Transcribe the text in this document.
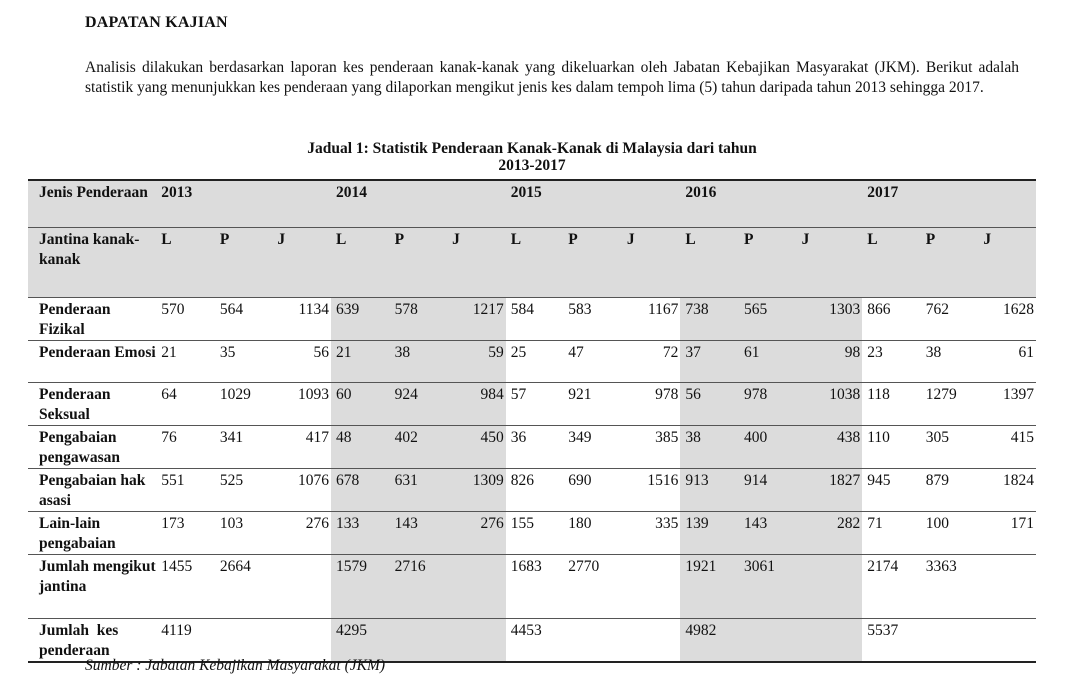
DAPATAN KAJIAN
Analisis dilakukan berdasarkan laporan kes penderaan kanak-kanak yang dikeluarkan oleh Jabatan Kebajikan Masyarakat (JKM). Berikut adalah statistik yang menunjukkan kes penderaan yang dilaporkan mengikut jenis kes dalam tempoh lima (5) tahun daripada tahun 2013 sehingga 2017.
Jadual 1: Statistik Penderaan Kanak-Kanak di Malaysia dari tahun
2013-2017
Jenis Penderaan	2013			2014			2015			2016			2017		
Jantina kanak-kanak	L	P	J	L	P	J	L	P	J	L	P	J	L	P	J
Penderaan Fizikal	570	564	1134	639	578	1217	584	583	1167	738	565	1303	866	762	1628
Penderaan Emosi	21	35	56	21	38	59	25	47	72	37	61	98	23	38	61
Penderaan Seksual	64	1029	1093	60	924	984	57	921	978	56	978	1038	118	1279	1397
Pengabaian pengawasan	76	341	417	48	402	450	36	349	385	38	400	438	110	305	415
Pengabaian hak asasi	551	525	1076	678	631	1309	826	690	1516	913	914	1827	945	879	1824
Lain-lain pengabaian	173	103	276	133	143	276	155	180	335	139	143	282	71	100	171
Jumlah mengikut jantina	1455	2664		1579	2716		1683	2770		1921	3061		2174	3363	
Jumlah  kes penderaan	4119			4295			4453			4982			5537		
Sumber : Jabatan Kebajikan Masyarakat (JKM)
